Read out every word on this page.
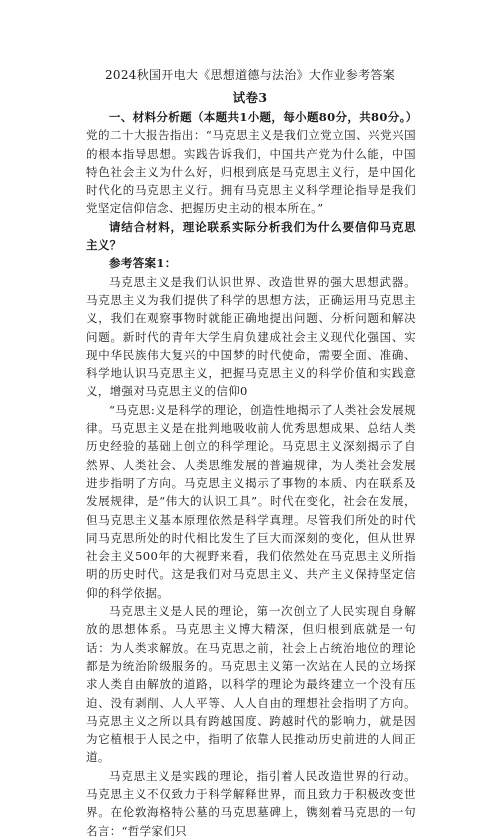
2024秋国开电大《思想道德与法治》大作业参考答案
试卷3

一、材料分析题（本题共1小题，每小题80分，共80分。）党的二十大报告指出：“马克思主义是我们立党立国、兴党兴国的根本指导思想。实践告诉我们，中国共产党为什么能，中国特色社会主义为什么好，归根到底是马克思主义行，是中国化时代化的马克思主义行。拥有马克思主义科学理论指导是我们党坚定信仰信念、把握历史主动的根本所在。”

请结合材料，理论联系实际分析我们为什么要信仰马克思主义？

参考答案1：

马克思主义是我们认识世界、改造世界的强大思想武器。马克思主义为我们提供了科学的思想方法，正确运用马克思主义，我们在观察事物时就能正确地提出问题、分析问题和解决问题。新时代的青年大学生肩负建成社会主义现代化强国、实现中华民族伟大复兴的中国梦的时代使命，需要全面、准确、科学地认识马克思主义，把握马克思主义的科学价值和实践意义，增强对马克思主义的信仰0

“马克思:义是科学的理论，创造性地揭示了人类社会发展规律。马克思主义是在批判地吸收前人优秀思想成果、总结人类历史经验的基础上创立的科学理论。马克思主义深刻揭示了自然界、人类社会、人类思维发展的普遍规律，为人类社会发展进步指明了方向。马克思主义揭示了事物的本质、内在联系及发展规律，是“伟大的认识工具”。时代在变化，社会在发展，但马克思主义基本原理依然是科学真理。尽管我们所处的时代同马克思所处的时代相比发生了巨大而深刻的变化，但从世界社会主义500年的大视野来看，我们依然处在马克思主义所指明的历史时代。这是我们对马克思主义、共产主义保持坚定信仰的科学依据。

马克思主义是人民的理论，第一次创立了人民实现自身解放的思想体系。马克思主义博大精深，但归根到底就是一句话：为人类求解放。在马克思之前，社会上占统治地位的理论都是为统治阶级服务的。马克思主义第一次站在人民的立场探求人类自由解放的道路，以科学的理论为最终建立一个没有压迫、没有剥削、人人平等、人人自由的理想社会指明了方向。马克思主义之所以具有跨越国度、跨越时代的影响力，就是因为它植根于人民之中，指明了依靠人民推动历史前进的人间正道。

马克思主义是实践的理论，指引着人民改造世界的行动。马克思主义不仅致力于科学解释世界，而且致力于积极改变世界。在伦敦海格特公墓的马克思墓碑上，镌刻着马克思的一句名言：“哲学家们只
